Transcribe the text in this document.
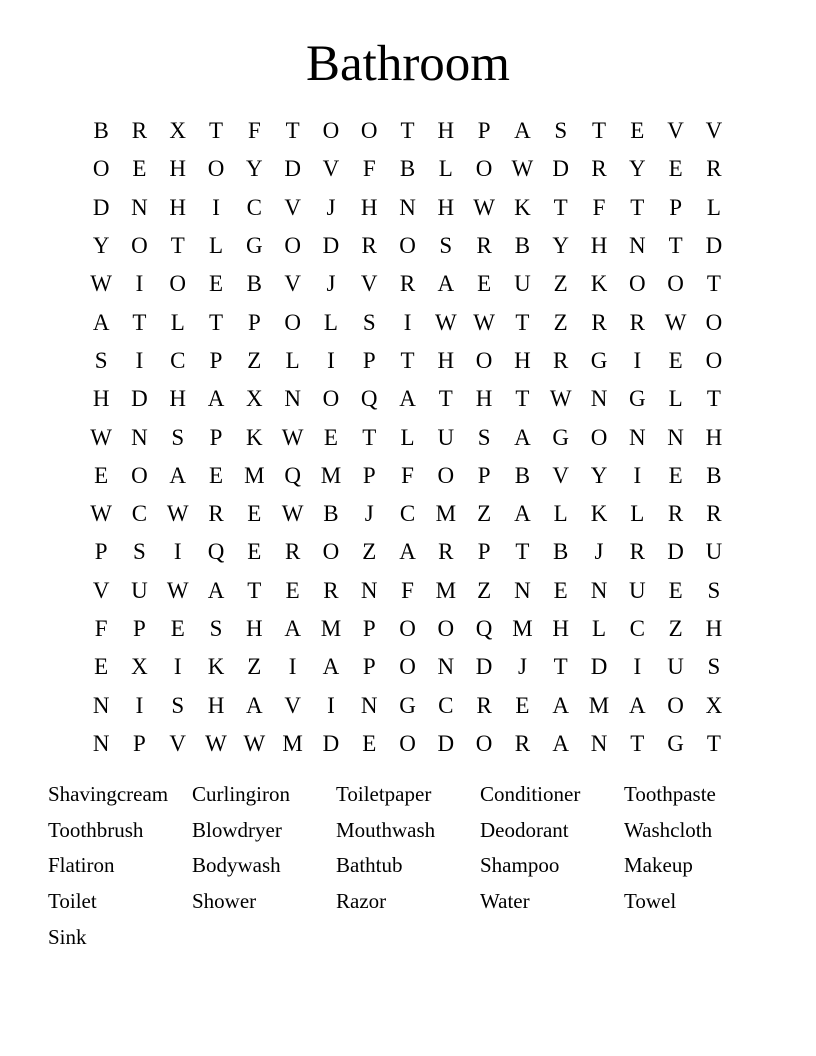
Bathroom
B R X T	F	T O O T H	P	A	S	T	E V V
O E H O Y D V	F	B	L O W D R Y E	R
D N H	I	C V	J	H N H W K T	F	T	P	L
Y O T	L G O D R O	S	R B Y H N T D
W	I	O E	B V	J	V R A E U Z K O O T
A T	L	T	P	O L	S	I	W W T	Z	R R W O
S	I	C	P	Z	L	I	P	T H O H R G	I	E O
H D H A X N O Q A T H T W N G L	T
W N	S	P	K W E	T	L U	S	A G O N N H
E O A E M Q M P	F	O	P	B V Y	I	E	B
W C W R	E W B	J	C M Z A L K L	R R
P	S	I	Q E	R O Z A R	P	T	B	J	R D U
V U W A T	E	R N	F M Z N E N U E	S
F	P	E	S	H A M P	O O Q M H L	C	Z H
E X	I	K Z	I	A	P	O N D	J	T D	I	U	S
N	I	S	H A V	I	N G C R	E A M A O X
N	P	V W W M D E O D O R A N T G T
Shavingcream	Curlingiron	Toiletpaper	Conditioner	Toothpaste
Toothbrush	Blowdryer	Mouthwash	Deodorant	Washcloth
Flatiron	Bodywash	Bathtub	Shampoo	Makeup
Toilet	Shower	Razor	Water	Towel
Sink
